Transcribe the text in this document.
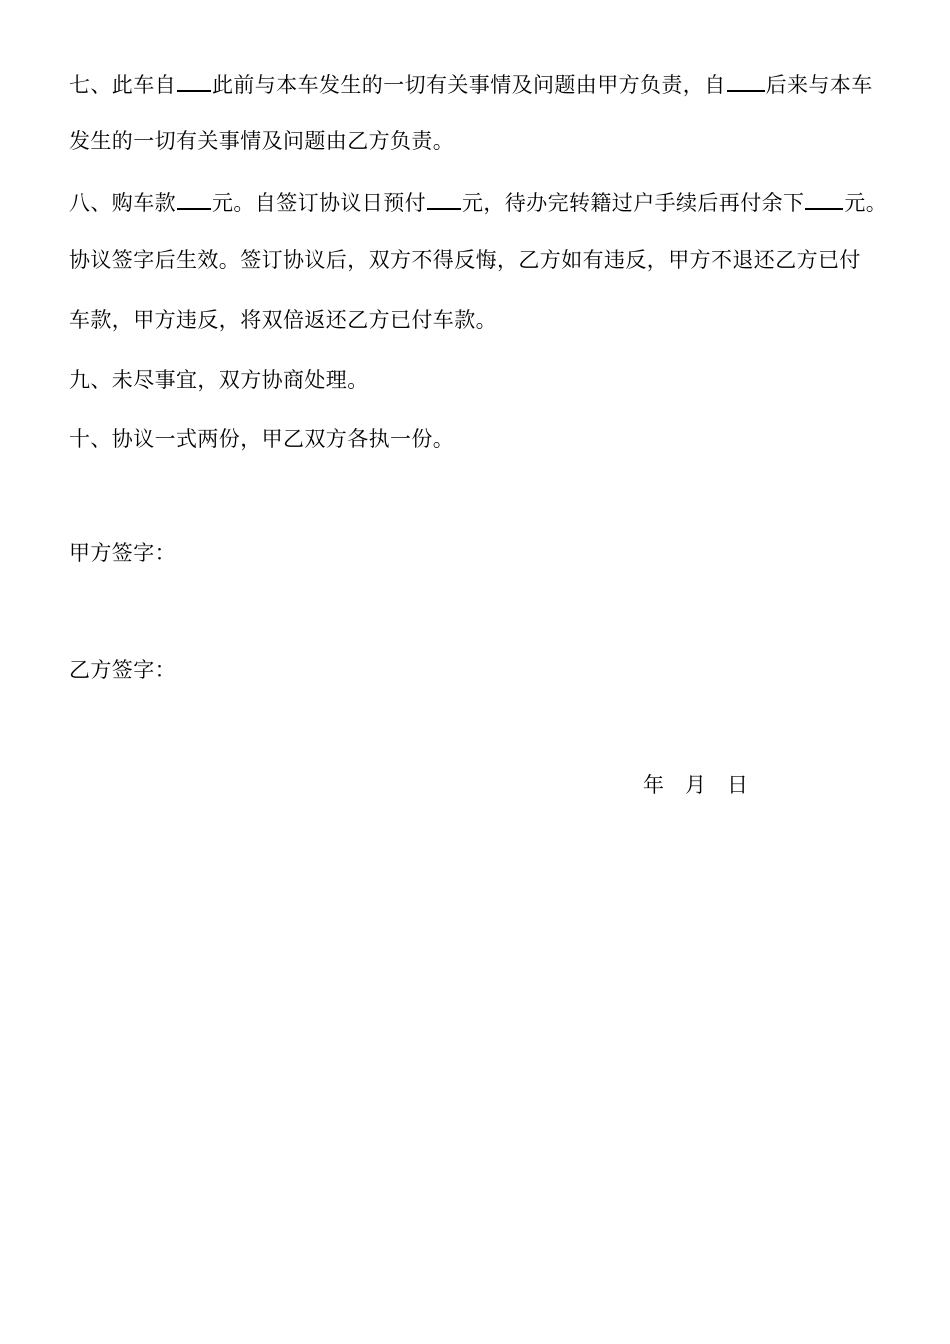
七、此车自 此前与本车发生的一切有关事情及问题由甲方负责，自 后来与本车
发生的一切有关事情及问题由乙方负责。
八、购车款 元。自签订协议日预付 元，待办完转籍过户手续后再付余下 元。
协议签字后生效。签订协议后，双方不得反悔，乙方如有违反，甲方不退还乙方已付
车款，甲方违反，将双倍返还乙方已付车款。
九、未尽事宜，双方协商处理。
十、协议一式两份，甲乙双方各执一份。
甲方签字：
乙方签字：
年 月 日
